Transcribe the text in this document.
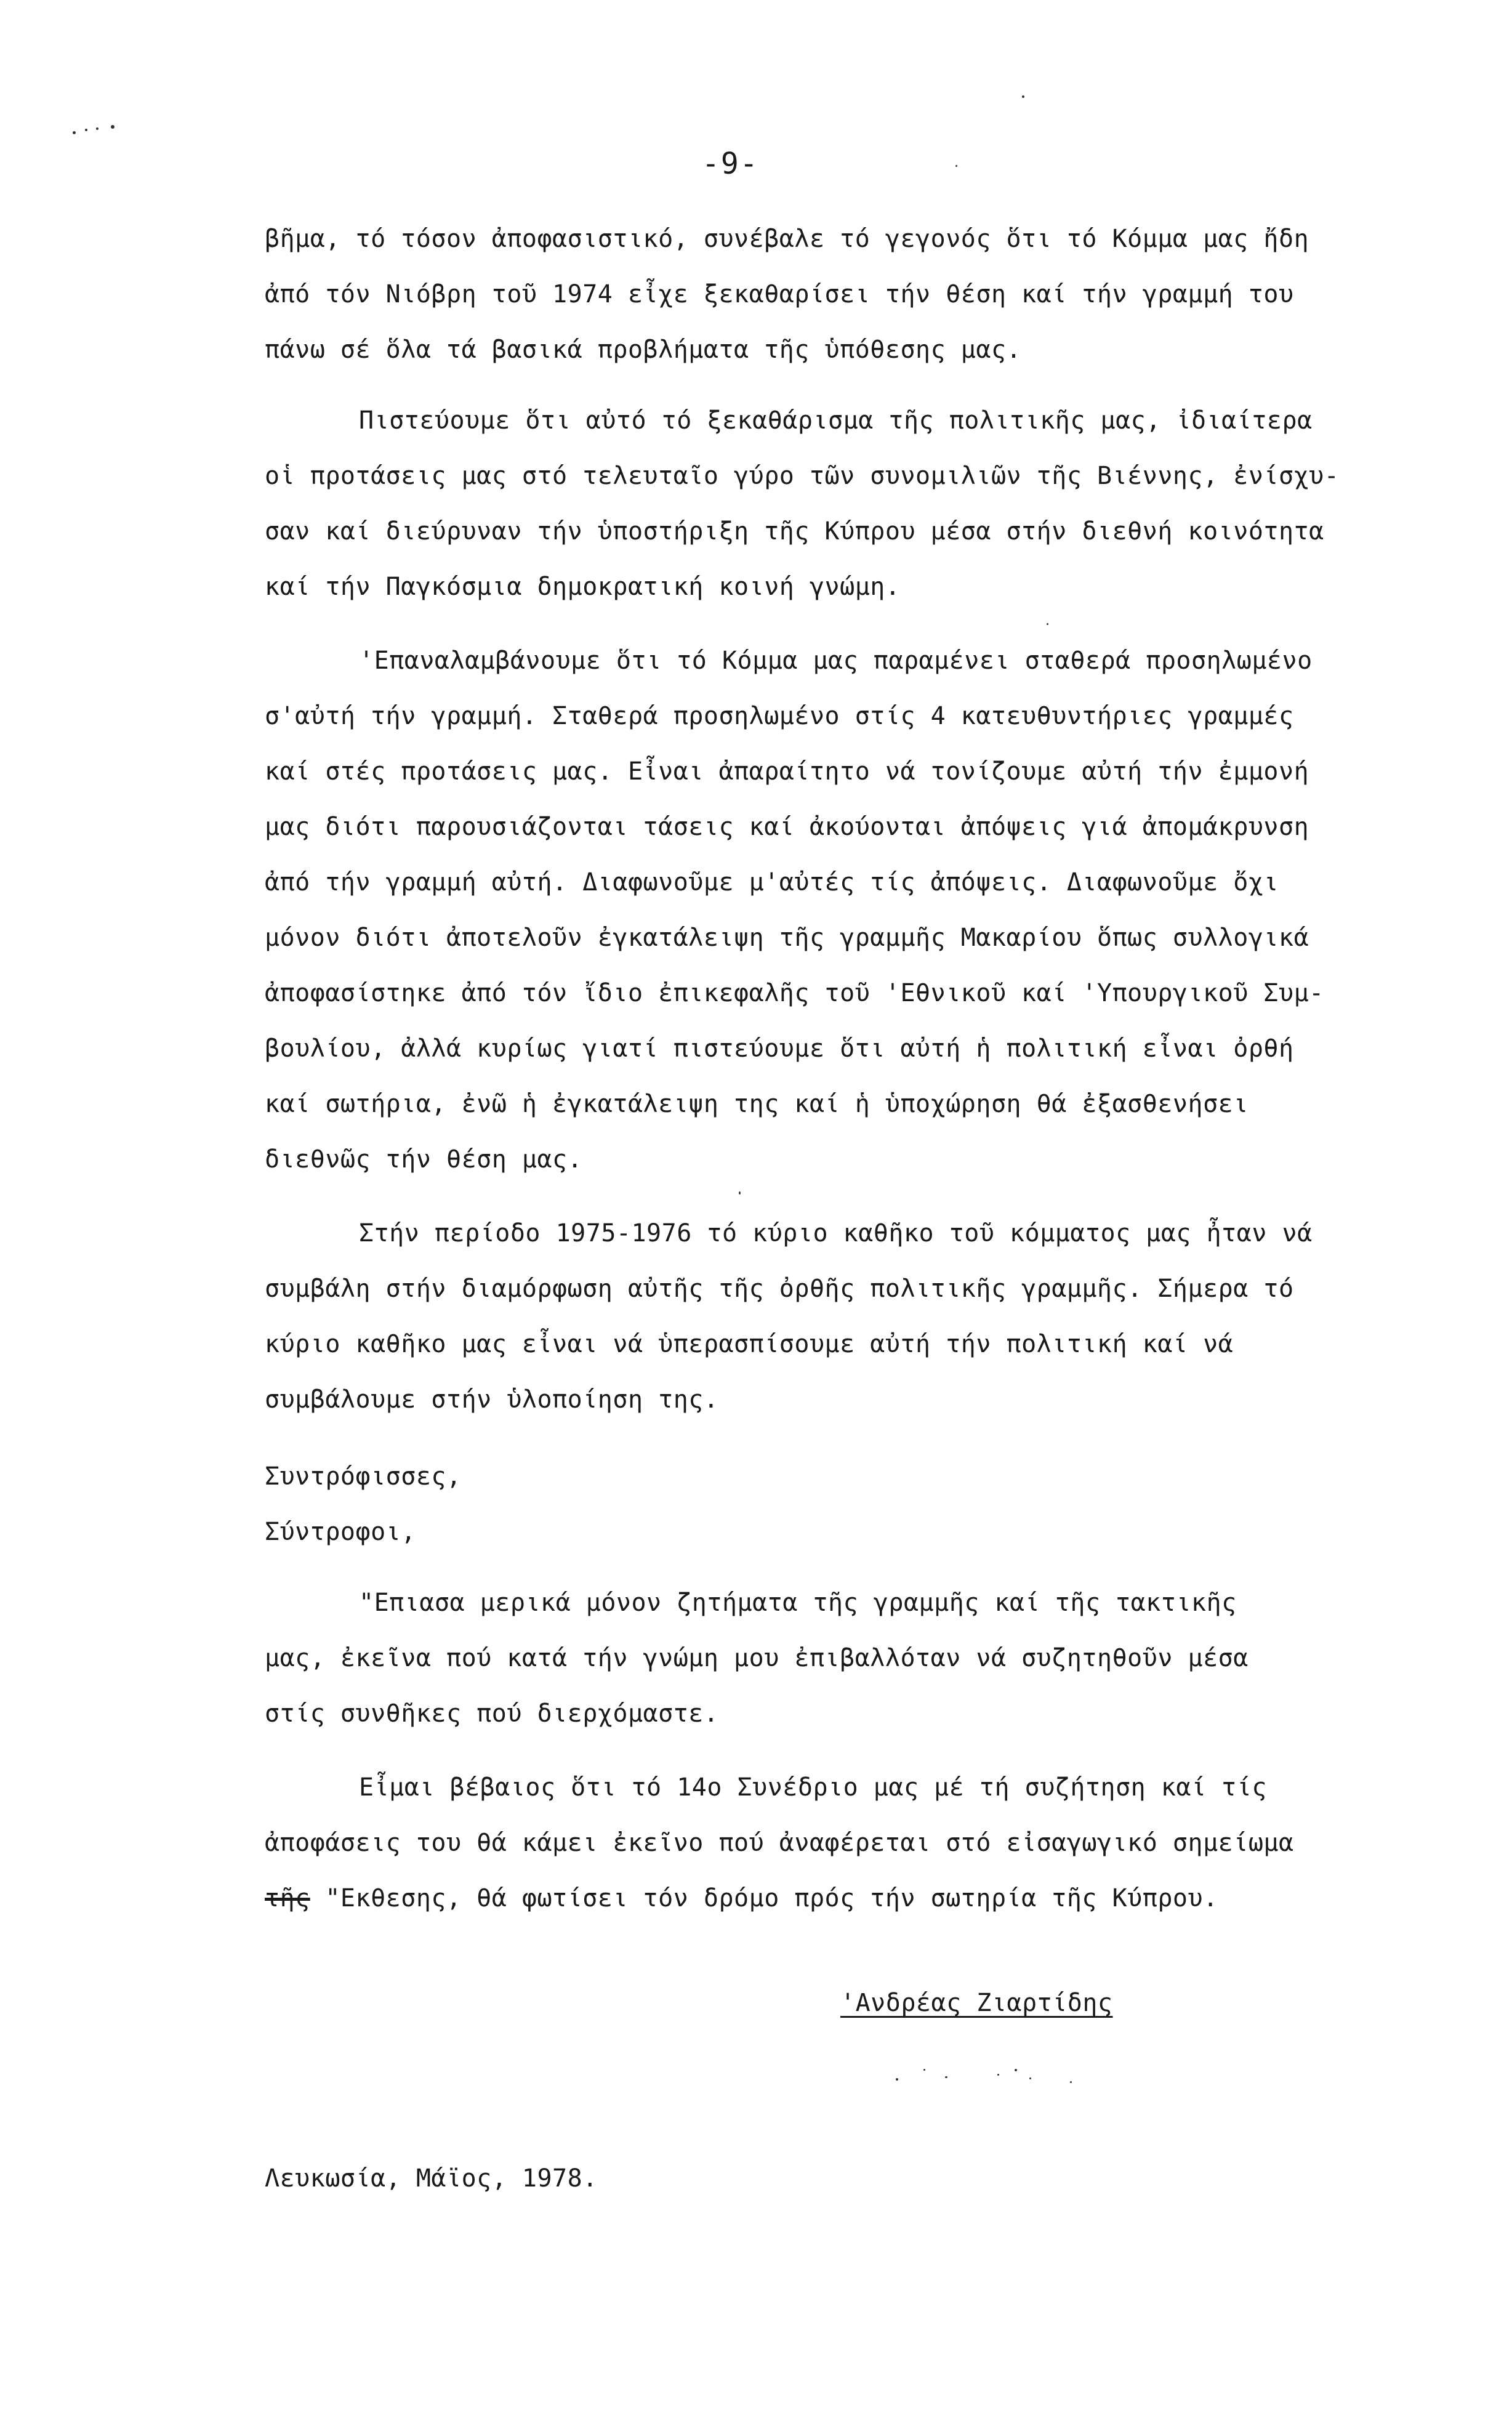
-9-
βῆμα, τό τόσον ἀποφασιστικό, συνέβαλε τό γεγονός ὅτι τό Κόμμα μας ἤδη
ἀπό τόν Νιόβρη τοῦ 1974 εἶχε ξεκαθαρίσει τήν θέση καί τήν γραμμή του
πάνω σέ ὅλα τά βασικά προβλήματα τῆς ὑπόθεσης μας.
Πιστεύουμε ὅτι αὐτό τό ξεκαθάρισμα τῆς πολιτικῆς μας, ἰδιαίτερα
οἱ προτάσεις μας στό τελευταῖο γύρο τῶν συνομιλιῶν τῆς Βιέννης, ἐνίσχυ-
σαν καί διεύρυναν τήν ὑποστήριξη τῆς Κύπρου μέσα στήν διεθνή κοινότητα
καί τήν Παγκόσμια δημοκρατική κοινή γνώμη.
'Επαναλαμβάνουμε ὅτι τό Κόμμα μας παραμένει σταθερά προσηλωμένο
σ'αὐτή τήν γραμμή. Σταθερά προσηλωμένο στίς 4 κατευθυντήριες γραμμές
καί στές προτάσεις μας. Εἶναι ἀπαραίτητο νά τονίζουμε αὐτή τήν ἐμμονή
μας διότι παρουσιάζονται τάσεις καί ἀκούονται ἀπόψεις γιά ἀπομάκρυνση
ἀπό τήν γραμμή αὐτή. Διαφωνοῦμε μ'αὐτές τίς ἀπόψεις. Διαφωνοῦμε ὄχι
μόνον διότι ἀποτελοῦν ἐγκατάλειψη τῆς γραμμῆς Μακαρίου ὅπως συλλογικά
ἀποφασίστηκε ἀπό τόν ἴδιο ἐπικεφαλῆς τοῦ 'Εθνικοῦ καί 'Υπουργικοῦ Συμ-
βουλίου, ἀλλά κυρίως γιατί πιστεύουμε ὅτι αὐτή ἡ πολιτική εἶναι ὀρθή
καί σωτήρια, ἐνῶ ἡ ἐγκατάλειψη της καί ἡ ὑποχώρηση θά ἐξασθενήσει
διεθνῶς τήν θέση μας.
Στήν περίοδο 1975-1976 τό κύριο καθῆκο τοῦ κόμματος μας ἦταν νά
συμβάλη στήν διαμόρφωση αὐτῆς τῆς ὀρθῆς πολιτικῆς γραμμῆς. Σήμερα τό
κύριο καθῆκο μας εἶναι νά ὑπερασπίσουμε αὐτή τήν πολιτική καί νά
συμβάλουμε στήν ὑλοποίηση της.
Συντρόφισσες,
Σύντροφοι,
"Επιασα μερικά μόνον ζητήματα τῆς γραμμῆς καί τῆς τακτικῆς
μας, ἐκεῖνα πού κατά τήν γνώμη μου ἐπιβαλλόταν νά συζητηθοῦν μέσα
στίς συνθῆκες πού διερχόμαστε.
Εἶμαι βέβαιος ὅτι τό 14ο Συνέδριο μας μέ τή συζήτηση καί τίς
ἀποφάσεις του θά κάμει ἐκεῖνο πού ἀναφέρεται στό εἰσαγωγικό σημείωμα
τῆς "Εκθεσης, θά φωτίσει τόν δρόμο πρός τήν σωτηρία τῆς Κύπρου.
'Ανδρέας Ζιαρτίδης
Λευκωσία, Μάϊος, 1978.
